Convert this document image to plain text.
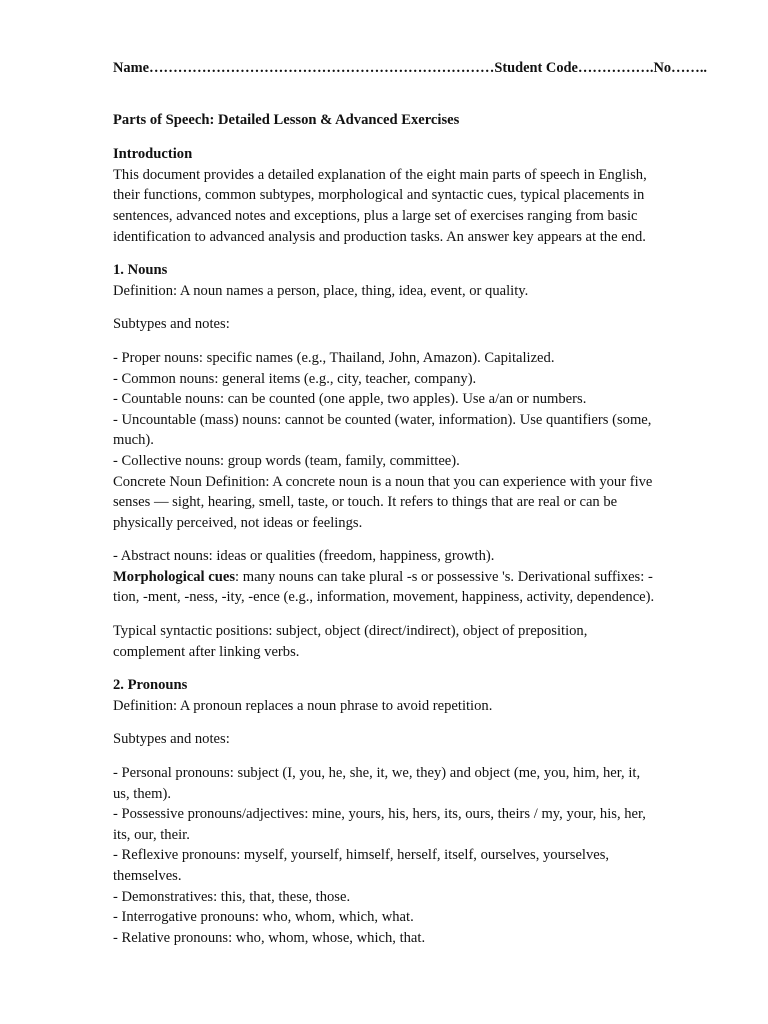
Name………………………………………………………………Student Code…………….No……..
Parts of Speech: Detailed Lesson & Advanced Exercises
Introduction

This document provides a detailed explanation of the eight main parts of speech in English, their functions, common subtypes, morphological and syntactic cues, typical placements in sentences, advanced notes and exceptions, plus a large set of exercises ranging from basic identification to advanced analysis and production tasks. An answer key appears at the end.

1. Nouns

Definition: A noun names a person, place, thing, idea, event, or quality.

Subtypes and notes:

- Proper nouns: specific names (e.g., Thailand, John, Amazon). Capitalized.
- Common nouns: general items (e.g., city, teacher, company).
- Countable nouns: can be counted (one apple, two apples). Use a/an or numbers.
- Uncountable (mass) nouns: cannot be counted (water, information). Use quantifiers (some, much).
- Collective nouns: group words (team, family, committee).

Concrete Noun Definition: A concrete noun is a noun that you can experience with your five senses — sight, hearing, smell, taste, or touch. It refers to things that are real or can be physically perceived, not ideas or feelings.

- Abstract nouns: ideas or qualities (freedom, happiness, growth).

Morphological cues: many nouns can take plural -s or possessive 's. Derivational suffixes: -tion, -ment, -ness, -ity, -ence (e.g., information, movement, happiness, activity, dependence).

Typical syntactic positions: subject, object (direct/indirect), object of preposition, complement after linking verbs.

2. Pronouns

Definition: A pronoun replaces a noun phrase to avoid repetition.

Subtypes and notes:

- Personal pronouns: subject (I, you, he, she, it, we, they) and object (me, you, him, her, it, us, them).
- Possessive pronouns/adjectives: mine, yours, his, hers, its, ours, theirs / my, your, his, her, its, our, their.
- Reflexive pronouns: myself, yourself, himself, herself, itself, ourselves, yourselves, themselves.
- Demonstratives: this, that, these, those.
- Interrogative pronouns: who, whom, which, what.
- Relative pronouns: who, whom, whose, which, that.
